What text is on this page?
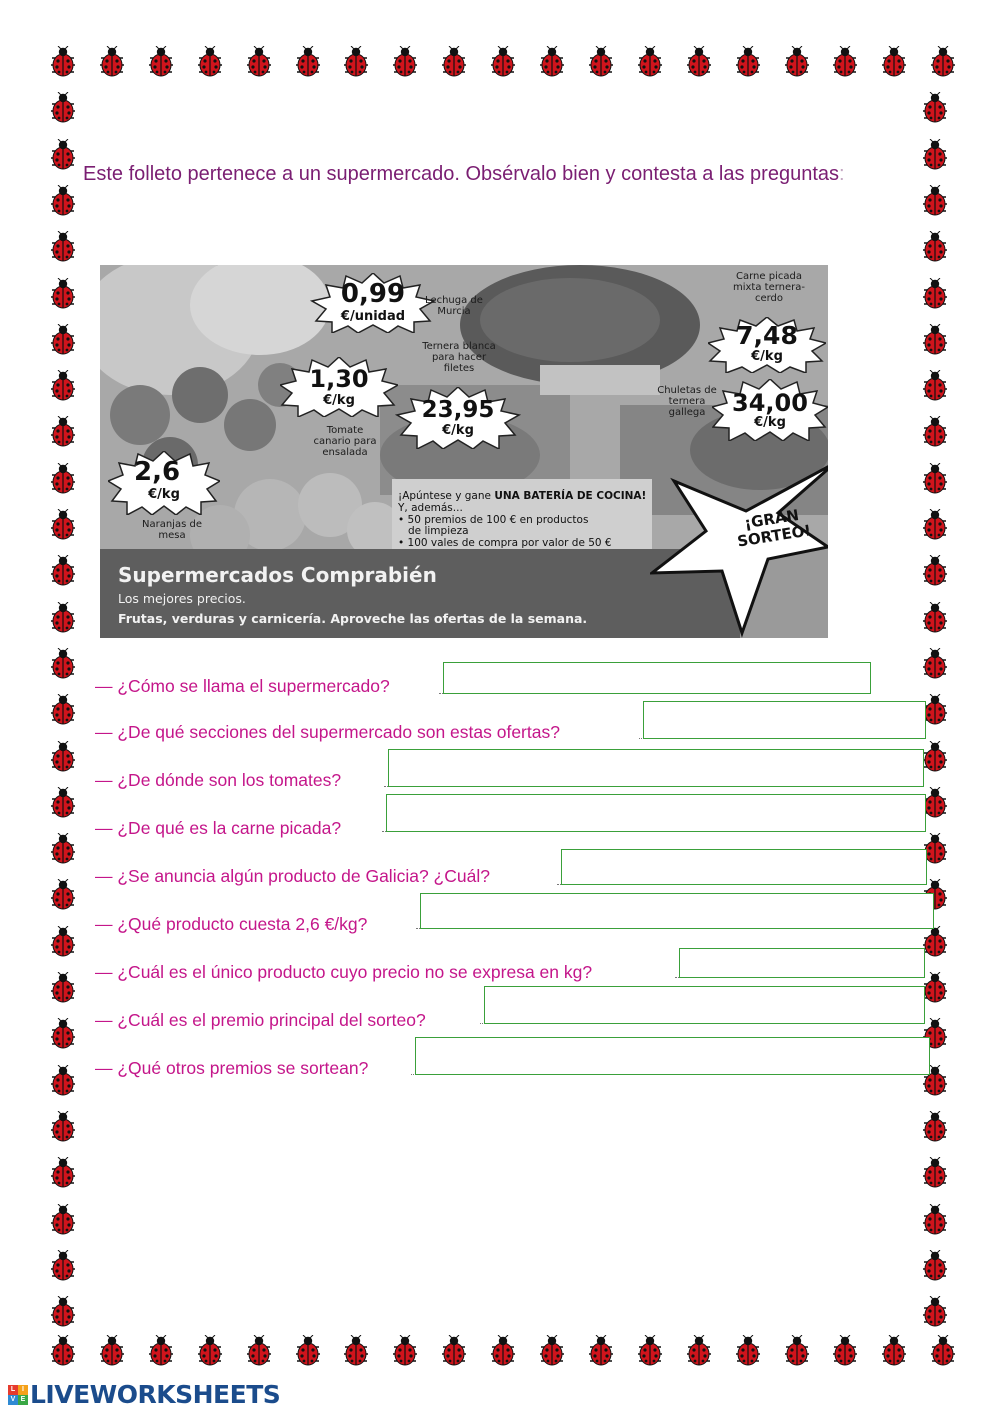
Este folleto pertenece a un supermercado. Obsérvalo bien y contesta a las preguntas:

0,99
€/unidad
1,30
€/kg	23,95
€/kg
2,6
€/kg
7,48
€/kg
34,00
€/kg
Lechuga de Murcia
Ternera blanca para hacer filetes
Carne picada mixta ternera-cerdo
Chuletas de ternera gallega
Tomate canario para ensalada
Naranjas de mesa
¡Apúntese y gane UNA BATERÍA DE COCINA!
Y, además...
• 50 premios de 100 € en productos
de limpieza
• 100 vales de compra por valor de 50 €
Supermercados Comprabién
Los mejores precios.
Frutas, verduras y carnicería. Aproveche las ofertas de la semana.
¡GRAN SORTEO!
— ¿Cómo se llama el supermercado?
— ¿De qué secciones del supermercado son estas ofertas?
— ¿De dónde son los tomates?
— ¿De qué es la carne picada?
— ¿Se anuncia algún producto de Galicia? ¿Cuál?
— ¿Qué producto cuesta 2,6 €/kg?
— ¿Cuál es el único producto cuyo precio no se expresa en kg?
— ¿Cuál es el premio principal del sorteo?
— ¿Qué otros premios se sortean?
L I
V E LIVEWORKSHEETS
